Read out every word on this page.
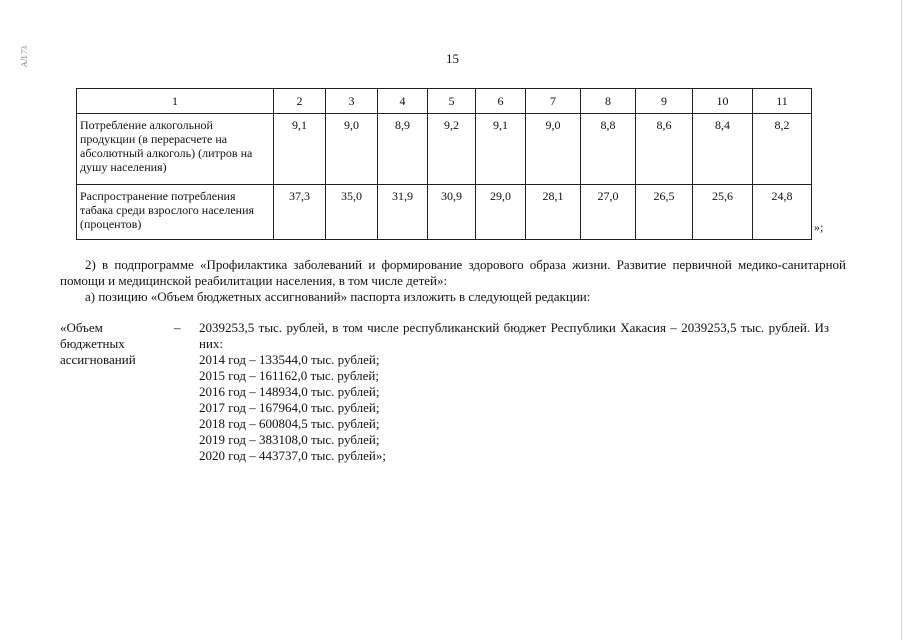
АЛ 73	15
1	2	3	4	5	6	7	8	9	10	11
Потребление алкогольной продукции (в перерасчете на абсолютный алкоголь) (литров на душу населения)	9,1	9,0	8,9	9,2	9,1	9,0	8,8	8,6	8,4	8,2
Распространение потребления табака среди взрослого населения (процентов)	37,3	35,0	31,9	30,9	29,0	28,1	27,0	26,5	25,6	24,8
»;
2) в подпрограмме «Профилактика заболеваний и формирование здорового образа жизни. Развитие первичной медико-санитарной помощи и медицинской реабилитации населения, в том числе детей»:
а) позицию «Объем бюджетных ассигнований» паспорта изложить в следующей редакции:
«Объем бюджетных ассигнований
– 2039253,5 тыс. рублей, в том числе республиканский бюджет Республики Хакасия – 2039253,5 тыс. рублей. Из них:
2014 год – 133544,0 тыс. рублей;
2015 год – 161162,0 тыс. рублей;
2016 год – 148934,0 тыс. рублей;
2017 год – 167964,0 тыс. рублей;
2018 год – 600804,5 тыс. рублей;
2019 год – 383108,0 тыс. рублей;
2020 год – 443737,0 тыс. рублей»;
